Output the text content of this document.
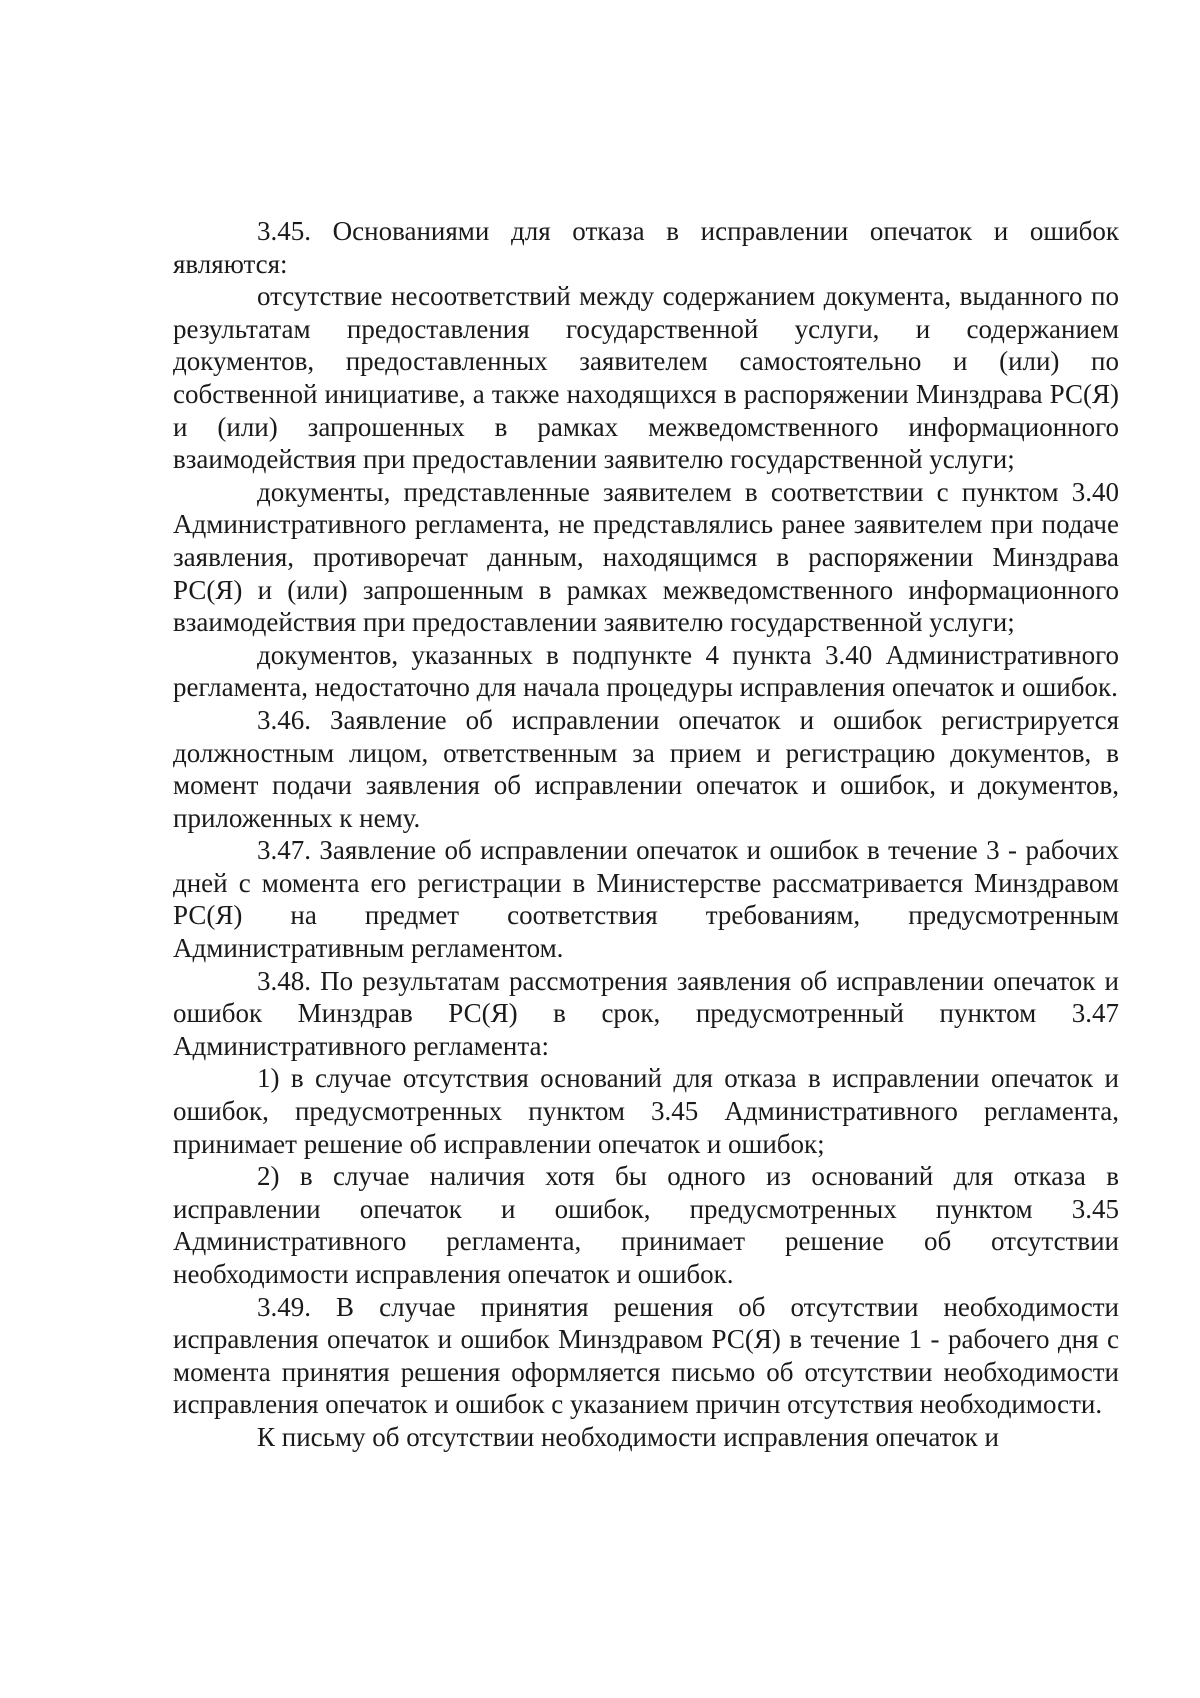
3.45. Основаниями для отказа в исправлении опечаток и ошибок являются:

отсутствие несоответствий между содержанием документа, выданного по результатам предоставления государственной услуги, и содержанием документов, предоставленных заявителем самостоятельно и (или) по собственной инициативе, а также находящихся в распоряжении Минздрава РС(Я) и (или) запрошенных в рамках межведомственного информационного взаимодействия при предоставлении заявителю государственной услуги;

документы, представленные заявителем в соответствии с пунктом 3.40 Административного регламента, не представлялись ранее заявителем при подаче заявления, противоречат данным, находящимся в распоряжении Минздрава РС(Я) и (или) запрошенным в рамках межведомственного информационного взаимодействия при предоставлении заявителю государственной услуги;

документов, указанных в подпункте 4 пункта 3.40 Административного регламента, недостаточно для начала процедуры исправления опечаток и ошибок.

3.46. Заявление об исправлении опечаток и ошибок регистрируется должностным лицом, ответственным за прием и регистрацию документов, в момент подачи заявления об исправлении опечаток и ошибок, и документов, приложенных к нему.

3.47. Заявление об исправлении опечаток и ошибок в течение 3 - рабочих дней с момента его регистрации в Министерстве рассматривается Минздравом РС(Я) на предмет соответствия требованиям, предусмотренным Административным регламентом.

3.48. По результатам рассмотрения заявления об исправлении опечаток и ошибок Минздрав РС(Я) в срок, предусмотренный пунктом 3.47 Административного регламента:

1) в случае отсутствия оснований для отказа в исправлении опечаток и ошибок, предусмотренных пунктом 3.45 Административного регламента, принимает решение об исправлении опечаток и ошибок;

2) в случае наличия хотя бы одного из оснований для отказа в исправлении опечаток и ошибок, предусмотренных пунктом 3.45 Административного регламента, принимает решение об отсутствии необходимости исправления опечаток и ошибок.

3.49. В случае принятия решения об отсутствии необходимости исправления опечаток и ошибок Минздравом РС(Я) в течение 1 - рабочего дня с момента принятия решения оформляется письмо об отсутствии необходимости исправления опечаток и ошибок с указанием причин отсутствия необходимости.

К письму об отсутствии необходимости исправления опечаток и
